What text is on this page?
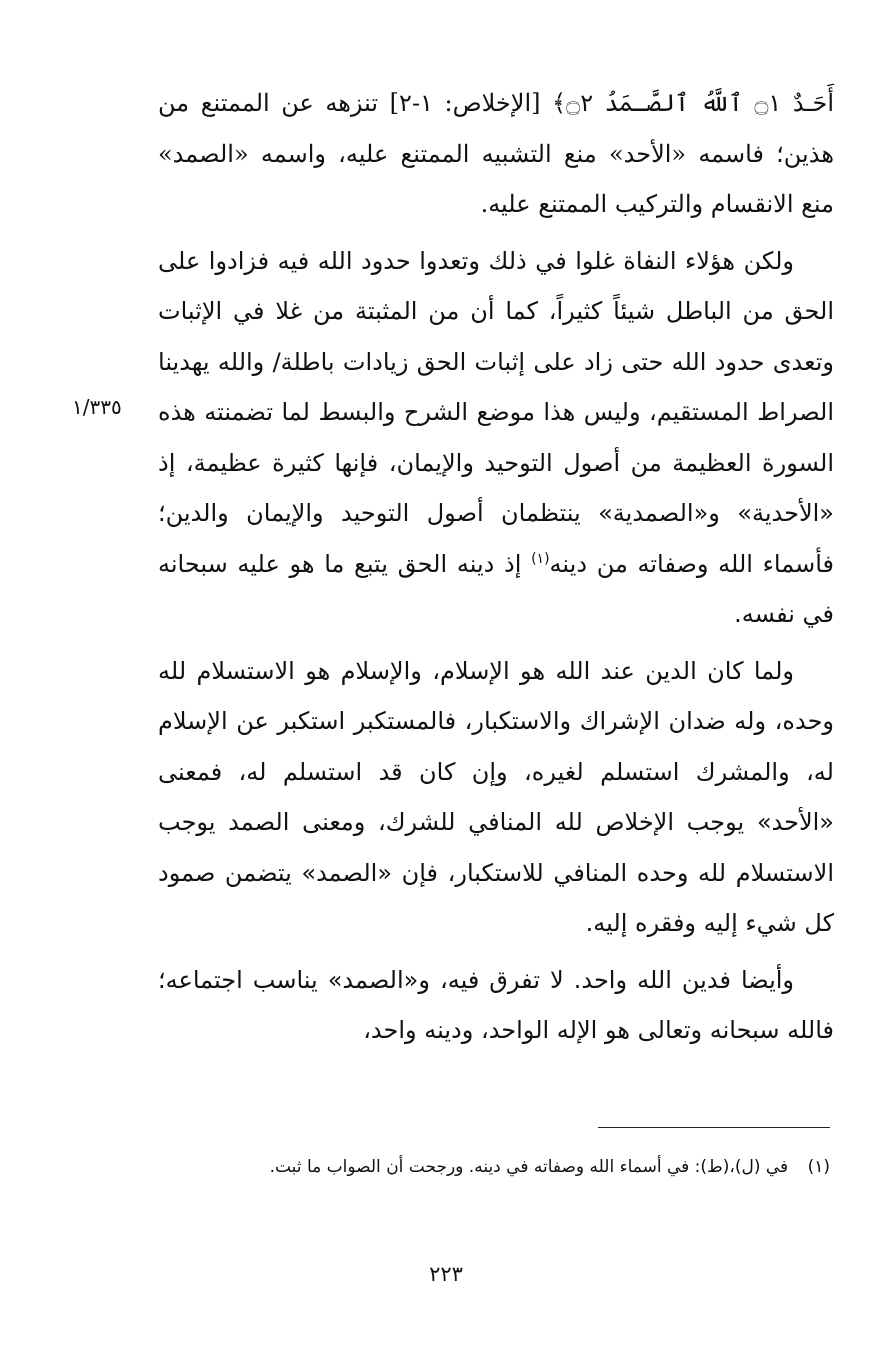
أَحَـدٌ ۝١ ٱللَّهُ ٱلصَّـمَدُ ۝٢﴾ [الإخلاص: ١-٢] تنزهه عن الممتنع من هذين؛ فاسمه «الأحد» منع التشبيه الممتنع عليه، واسمه «الصمد» منع الانقسام والتركيب الممتنع عليه.

ولكن هؤلاء النفاة غلوا في ذلك وتعدوا حدود الله فيه فزادوا على الحق من الباطل شيئاً كثيراً، كما أن من المثبتة من غلا في الإثبات وتعدى حدود الله حتى زاد على إثبات الحق زيادات باطلة/ والله يهدينا الصراط المستقيم، وليس هذا موضع الشرح والبسط لما تضمنته هذه السورة العظيمة من أصول التوحيد والإيمان، فإنها كثيرة عظيمة، إذ «الأحدية» و«الصمدية» ينتظمان أصول التوحيد والإيمان والدين؛ فأسماء الله وصفاته من دينه$^{(١)}$ إذ دينه الحق يتبع ما هو عليه سبحانه في نفسه.

ولما كان الدين عند الله هو الإسلام، والإسلام هو الاستسلام لله وحده، وله ضدان الإشراك والاستكبار، فالمستكبر استكبر عن الإسلام له، والمشرك استسلم لغيره، وإن كان قد استسلم له، فمعنى «الأحد» يوجب الإخلاص لله المنافي للشرك، ومعنى الصمد يوجب الاستسلام لله وحده المنافي للاستكبار، فإن «الصمد» يتضمن صمود كل شيء إليه وفقره إليه.

وأيضا فدين الله واحد. لا تفرق فيه، و«الصمد» يناسب اجتماعه؛ فالله سبحانه وتعالى هو الإله الواحد، ودينه واحد،

١/٣٣٥
(١) في (ل)،(ط): في أسماء الله وصفاته في دينه. ورجحت أن الصواب ما ثبت.
٢٢٣
